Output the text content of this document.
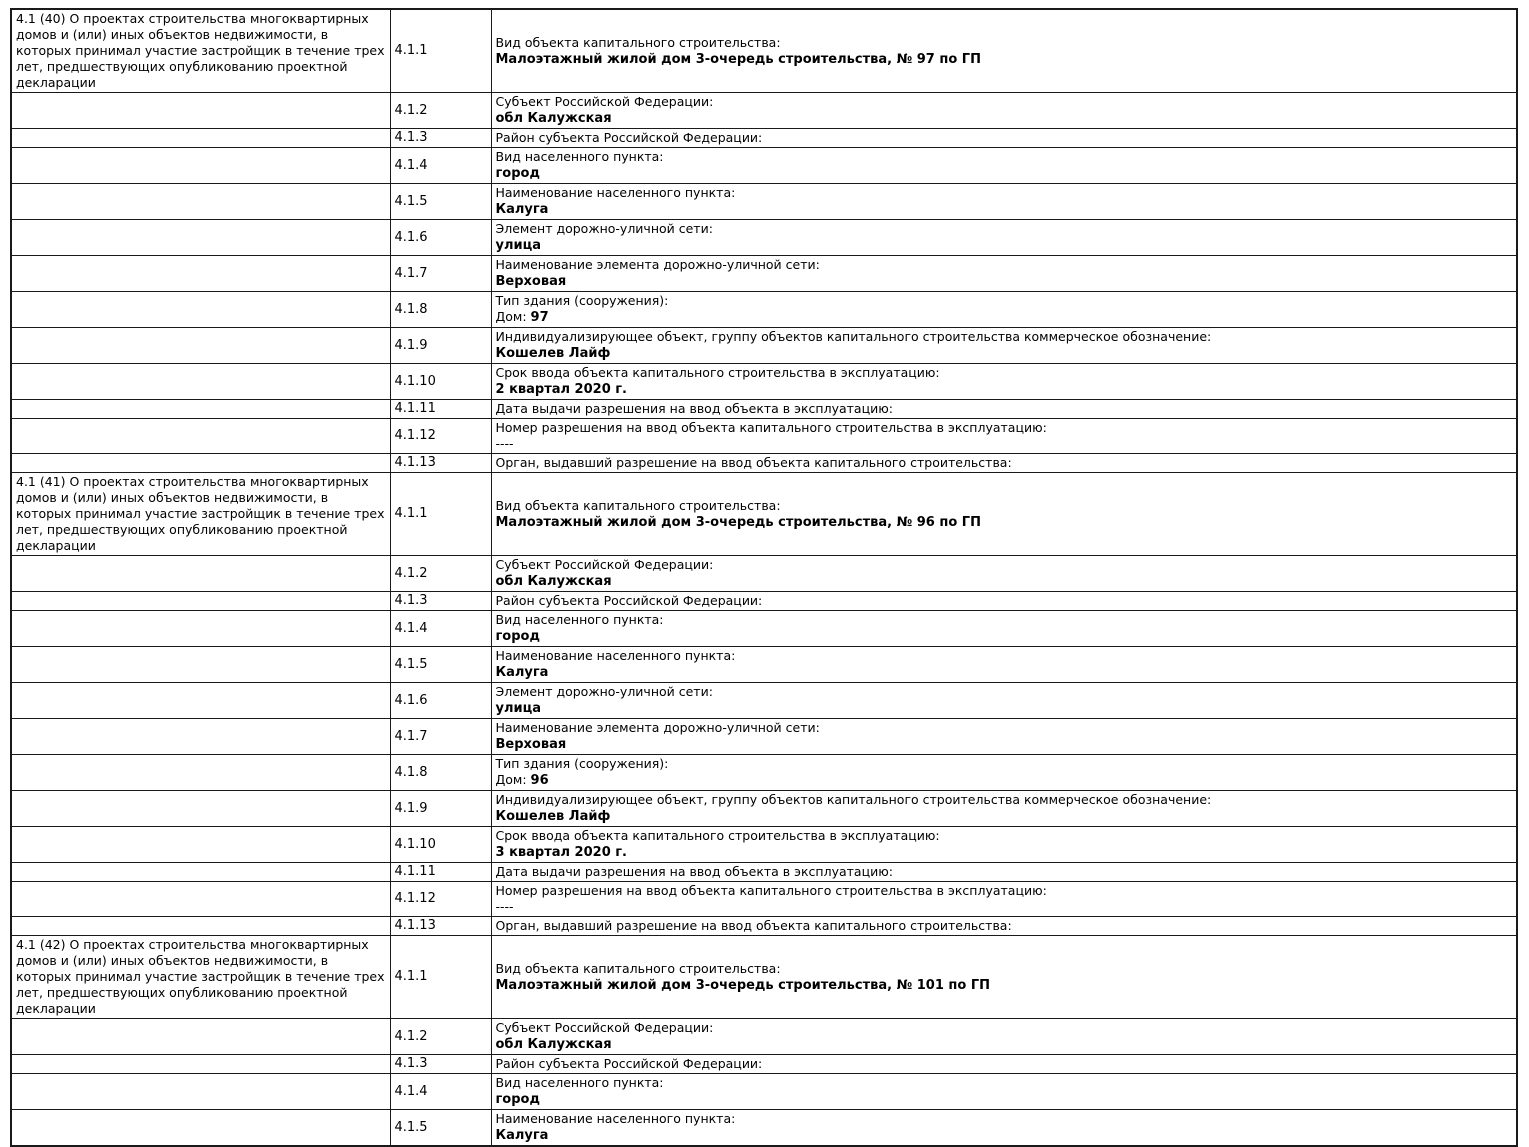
4.1 (40) О проектах строительства многоквартирных домов и (или) иных объектов недвижимости, в которых принимал участие застройщик в течение трех лет, предшествующих опубликованию проектной декларации	4.1.1	Вид объекта капитального строительства:
Малоэтажный жилой дом 3-очередь строительства, № 97 по ГП

	4.1.2	Субъект Российской Федерации:
обл Калужская

	4.1.3	Район субъекта Российской Федерации:

	4.1.4	Вид населенного пункта:
город

	4.1.5	Наименование населенного пункта:
Калуга

	4.1.6	Элемент дорожно-уличной сети:
улица

	4.1.7	Наименование элемента дорожно-уличной сети:
Верховая

	4.1.8	Тип здания (сооружения):
Дом: 97

	4.1.9	Индивидуализирующее объект, группу объектов капитального строительства коммерческое обозначение:
Кошелев Лайф

	4.1.10	Срок ввода объекта капитального строительства в эксплуатацию:
2 квартал 2020 г.

	4.1.11	Дата выдачи разрешения на ввод объекта в эксплуатацию:

	4.1.12	Номер разрешения на ввод объекта капитального строительства в эксплуатацию:
----

	4.1.13	Орган, выдавший разрешение на ввод объекта капитального строительства:

4.1 (41) О проектах строительства многоквартирных домов и (или) иных объектов недвижимости, в которых принимал участие застройщик в течение трех лет, предшествующих опубликованию проектной декларации	4.1.1	Вид объекта капитального строительства:
Малоэтажный жилой дом 3-очередь строительства, № 96 по ГП

	4.1.2	Субъект Российской Федерации:
обл Калужская

	4.1.3	Район субъекта Российской Федерации:

	4.1.4	Вид населенного пункта:
город

	4.1.5	Наименование населенного пункта:
Калуга

	4.1.6	Элемент дорожно-уличной сети:
улица

	4.1.7	Наименование элемента дорожно-уличной сети:
Верховая

	4.1.8	Тип здания (сооружения):
Дом: 96

	4.1.9	Индивидуализирующее объект, группу объектов капитального строительства коммерческое обозначение:
Кошелев Лайф

	4.1.10	Срок ввода объекта капитального строительства в эксплуатацию:
3 квартал 2020 г.

	4.1.11	Дата выдачи разрешения на ввод объекта в эксплуатацию:

	4.1.12	Номер разрешения на ввод объекта капитального строительства в эксплуатацию:
----

	4.1.13	Орган, выдавший разрешение на ввод объекта капитального строительства:

4.1 (42) О проектах строительства многоквартирных домов и (или) иных объектов недвижимости, в которых принимал участие застройщик в течение трех лет, предшествующих опубликованию проектной декларации	4.1.1	Вид объекта капитального строительства:
Малоэтажный жилой дом 3-очередь строительства, № 101 по ГП

	4.1.2	Субъект Российской Федерации:
обл Калужская

	4.1.3	Район субъекта Российской Федерации:

	4.1.4	Вид населенного пункта:
город

	4.1.5	Наименование населенного пункта:
Калуга
